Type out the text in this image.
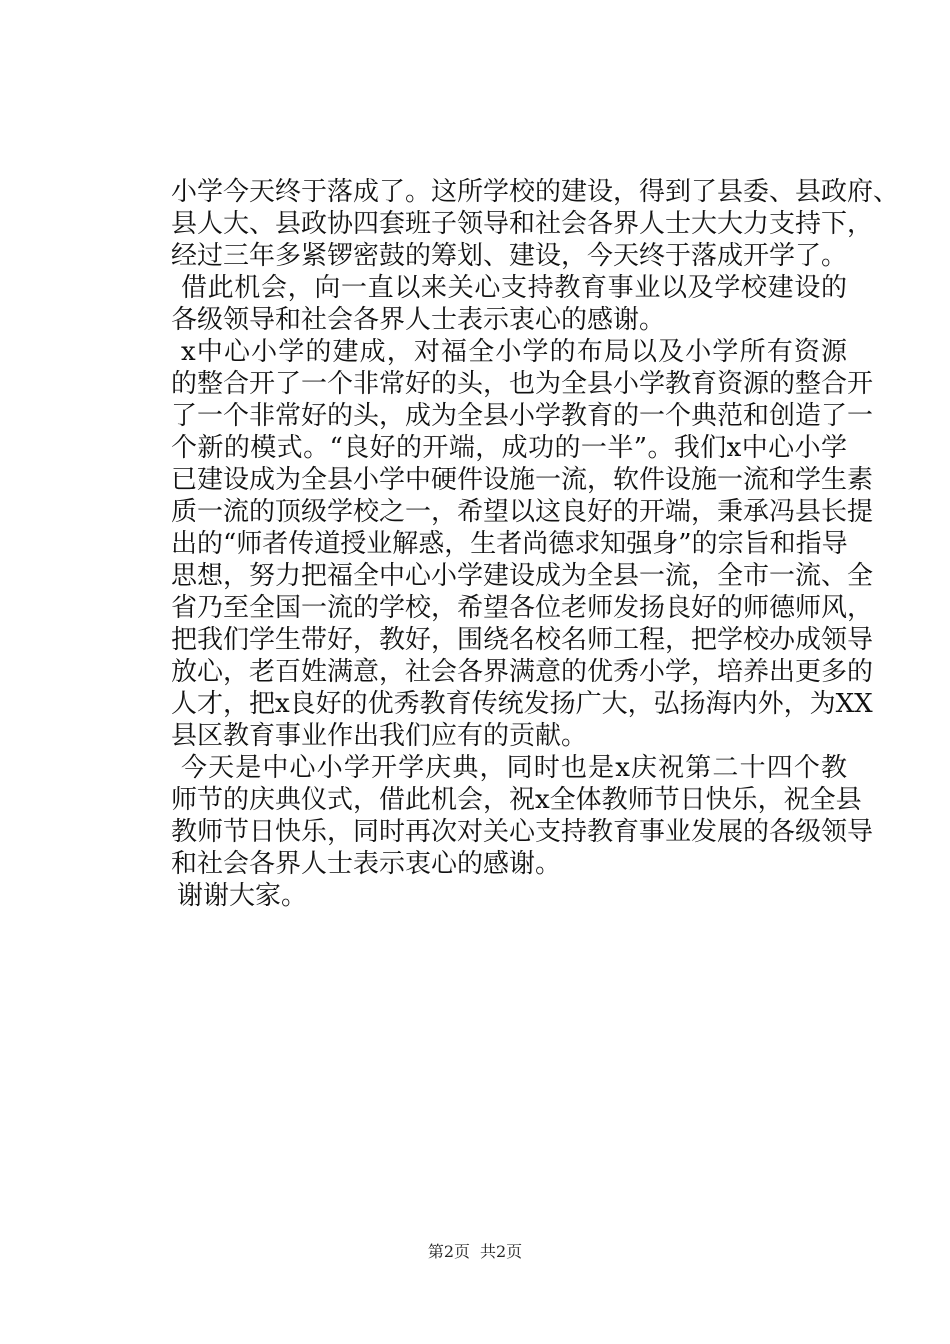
小学今天终于落成了。这所学校的建设，得到了县委、县政府、
县人大、县政协四套班子领导和社会各界人士大大力支持下，
经过三年多紧锣密鼓的筹划、建设，今天终于落成开学了。
借此机会，向一直以来关心支持教育事业以及学校建设的
各级领导和社会各界人士表示衷心的感谢。
x中心小学的建成，对福全小学的布局以及小学所有资源
的整合开了一个非常好的头，也为全县小学教育资源的整合开
了一个非常好的头，成为全县小学教育的一个典范和创造了一
个新的模式。“良好的开端，成功的一半”。我们x中心小学
已建设成为全县小学中硬件设施一流，软件设施一流和学生素
质一流的顶级学校之一，希望以这良好的开端，秉承冯县长提
出的“师者传道授业解惑，生者尚德求知强身”的宗旨和指导
思想，努力把福全中心小学建设成为全县一流，全市一流、全
省乃至全国一流的学校，希望各位老师发扬良好的师德师风，
把我们学生带好，教好，围绕名校名师工程，把学校办成领导
放心，老百姓满意，社会各界满意的优秀小学，培养出更多的
人才，把x良好的优秀教育传统发扬广大，弘扬海内外，为XX
县区教育事业作出我们应有的贡献。
今天是中心小学开学庆典，同时也是x庆祝第二十四个教
师节的庆典仪式，借此机会，祝x全体教师节日快乐，祝全县
教师节日快乐，同时再次对关心支持教育事业发展的各级领导
和社会各界人士表示衷心的感谢。
谢谢大家。
第2页 共2页
